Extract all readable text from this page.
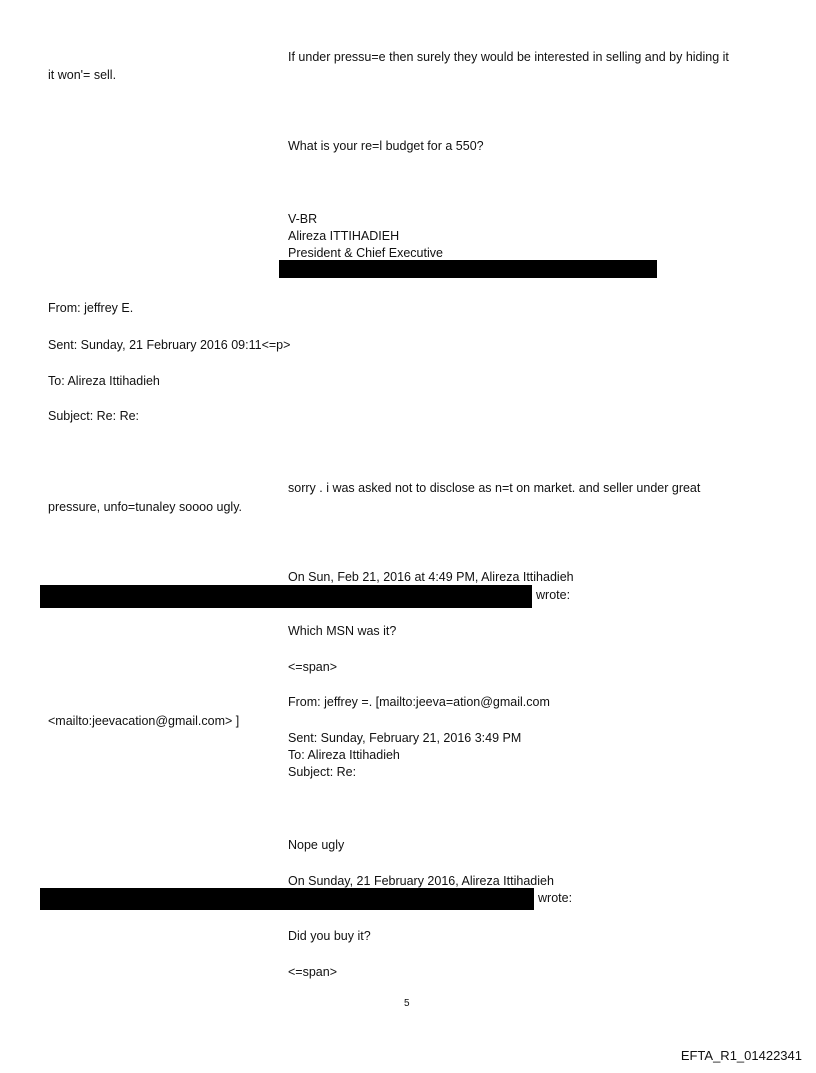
If under pressu=e then surely they would be interested in selling and by hiding it
it won'= sell.
What is your re=l budget for a 550?
V-BR
Alireza ITTIHADIEH
President & Chief Executive
From: jeffrey E.
Sent: Sunday, 21 February 2016 09:11<=p>
To: Alireza Ittihadieh
Subject: Re: Re:
sorry . i was asked not to disclose as n=t on market. and seller under great
pressure, unfo=tunaley soooo ugly.
On Sun, Feb 21, 2016 at 4:49 PM, Alireza Ittihadieh
wrote:
Which MSN was it?
<=span>
From: jeffrey =. [mailto:jeeva=ation@gmail.com
<mailto:jeevacation@gmail.com> ]
Sent: Sunday, February 21, 2016 3:49 PM
To: Alireza Ittihadieh
Subject: Re:
Nope ugly
On Sunday, 21 February 2016, Alireza Ittihadieh
wrote:
Did you buy it?
<=span>
5
EFTA_R1_01422341
